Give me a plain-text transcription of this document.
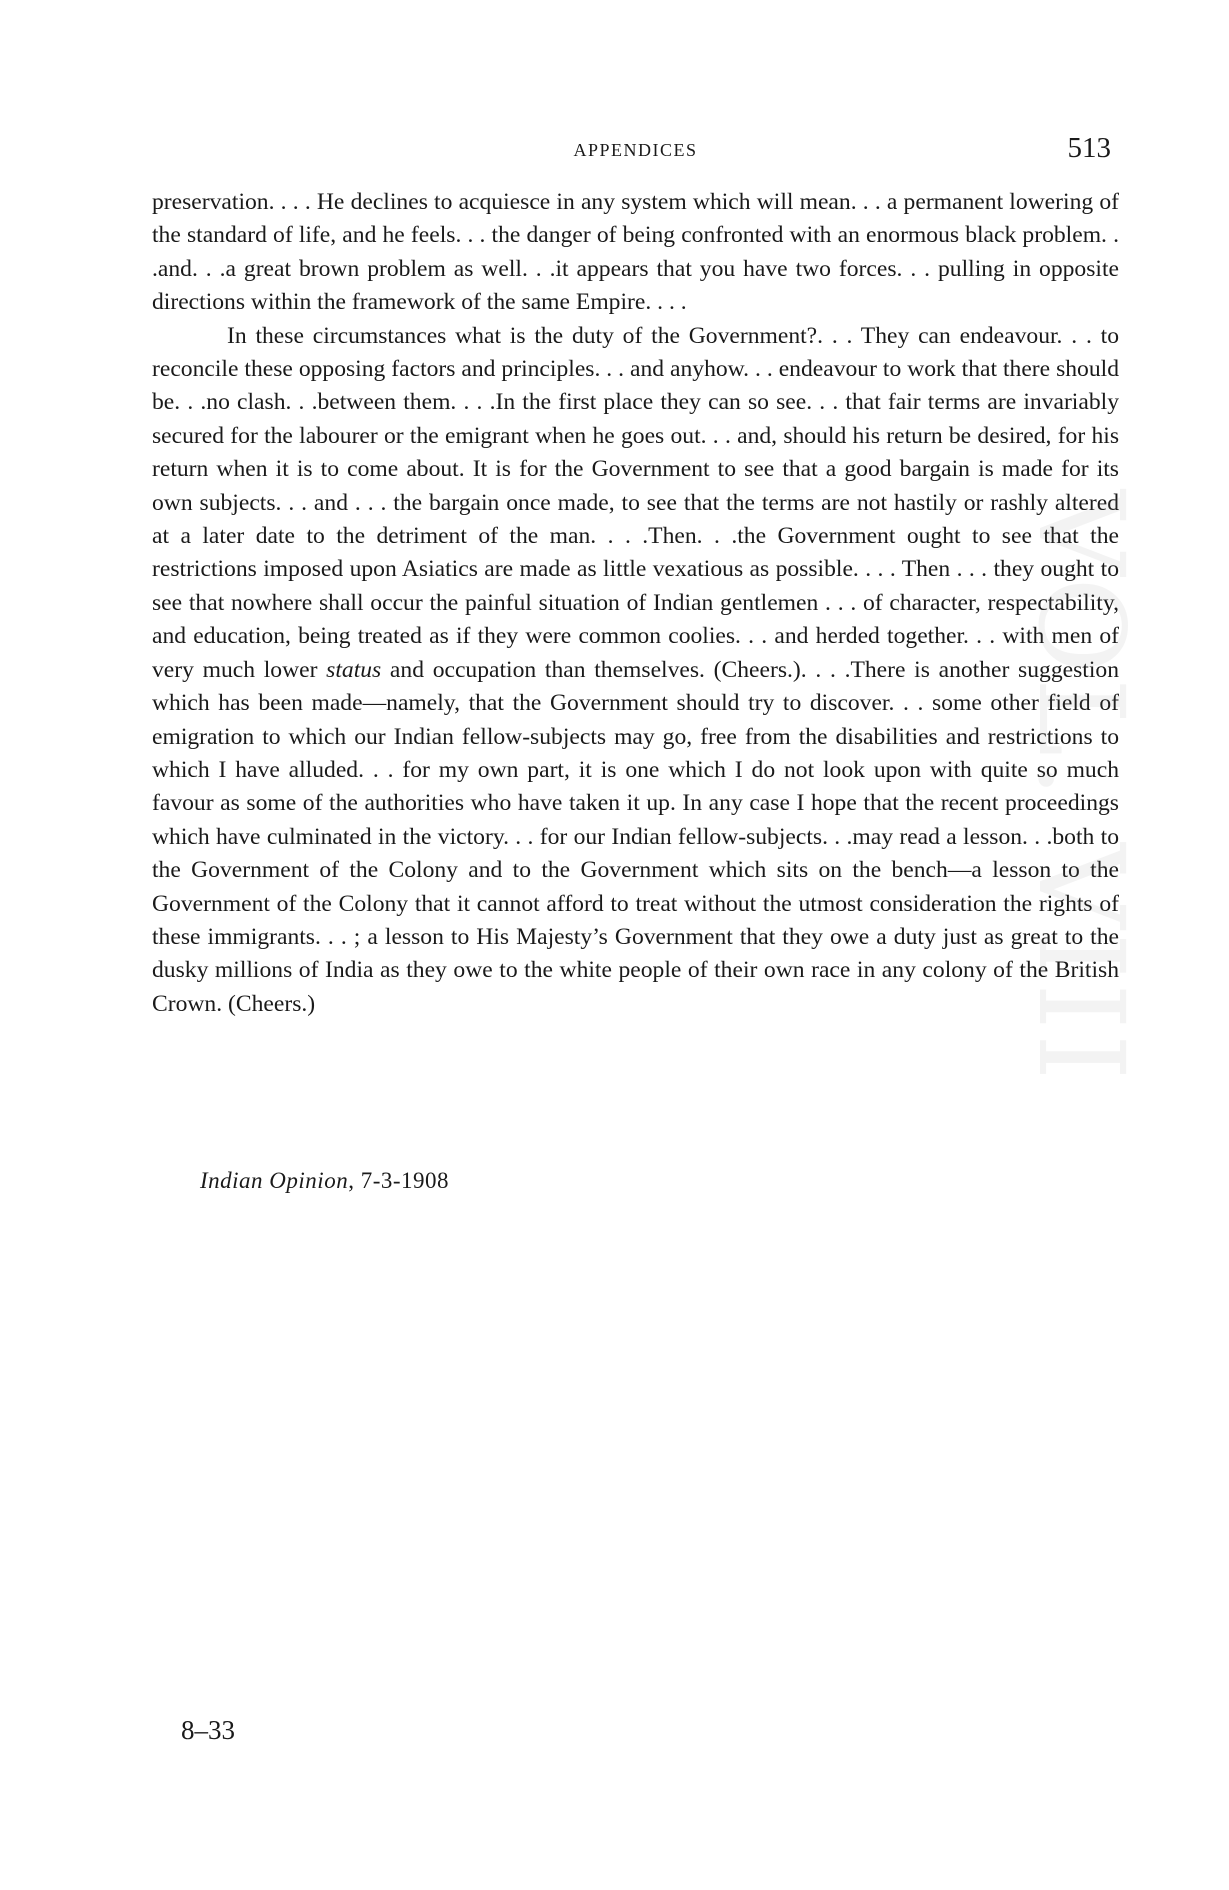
APPENDICES	513

preservation. . . . He declines to acquiesce in any system which will mean. . . a permanent lowering of the standard of life, and he feels. . . the danger of being confronted with an enormous black problem. . .and. . .a great brown problem as well. . .it appears that you have two forces. . . pulling in opposite directions within the framework of the same Empire. . . .

In these circumstances what is the duty of the Government?. . . They can endeavour. . . to reconcile these opposing factors and principles. . . and anyhow. . . endeavour to work that there should be. . .no clash. . .between them. . . .In the first place they can so see. . . that fair terms are invariably secured for the labourer or the emigrant when he goes out. . . and, should his return be desired, for his return when it is to come about. It is for the Government to see that a good bargain is made for its own subjects. . . and . . . the bargain once made, to see that the terms are not hastily or rashly altered at a later date to the detriment of the man. . . .Then. . .the Government ought to see that the restrictions imposed upon Asiatics are made as little vexatious as possible. . . . Then . . . they ought to see that nowhere shall occur the painful situation of Indian gentlemen . . . of character, respectability, and education, being treated as if they were common coolies. . . and herded together. . . with men of very much lower status and occupation than themselves. (Cheers.). . . .There is another suggestion which has been made—namely, that the Government should try to discover. . . some other field of emigration to which our Indian fellow-subjects may go, free from the disabilities and restrictions to which I have alluded. . . for my own part, it is one which I do not look upon with quite so much favour as some of the authorities who have taken it up. In any case I hope that the recent proceedings which have culminated in the victory. . . for our Indian fellow-subjects. . .may read a lesson. . .both to the Government of the Colony and to the Government which sits on the bench—a lesson to the Government of the Colony that it cannot afford to treat without the utmost consideration the rights of these immigrants. . . ; a lesson to His Majesty’s Government that they owe a duty just as great to the dusky millions of India as they owe to the white people of their own race in any colony of the British Crown. (Cheers.)

Indian Opinion, 7-3-1908
8–33
VOL. VIII
